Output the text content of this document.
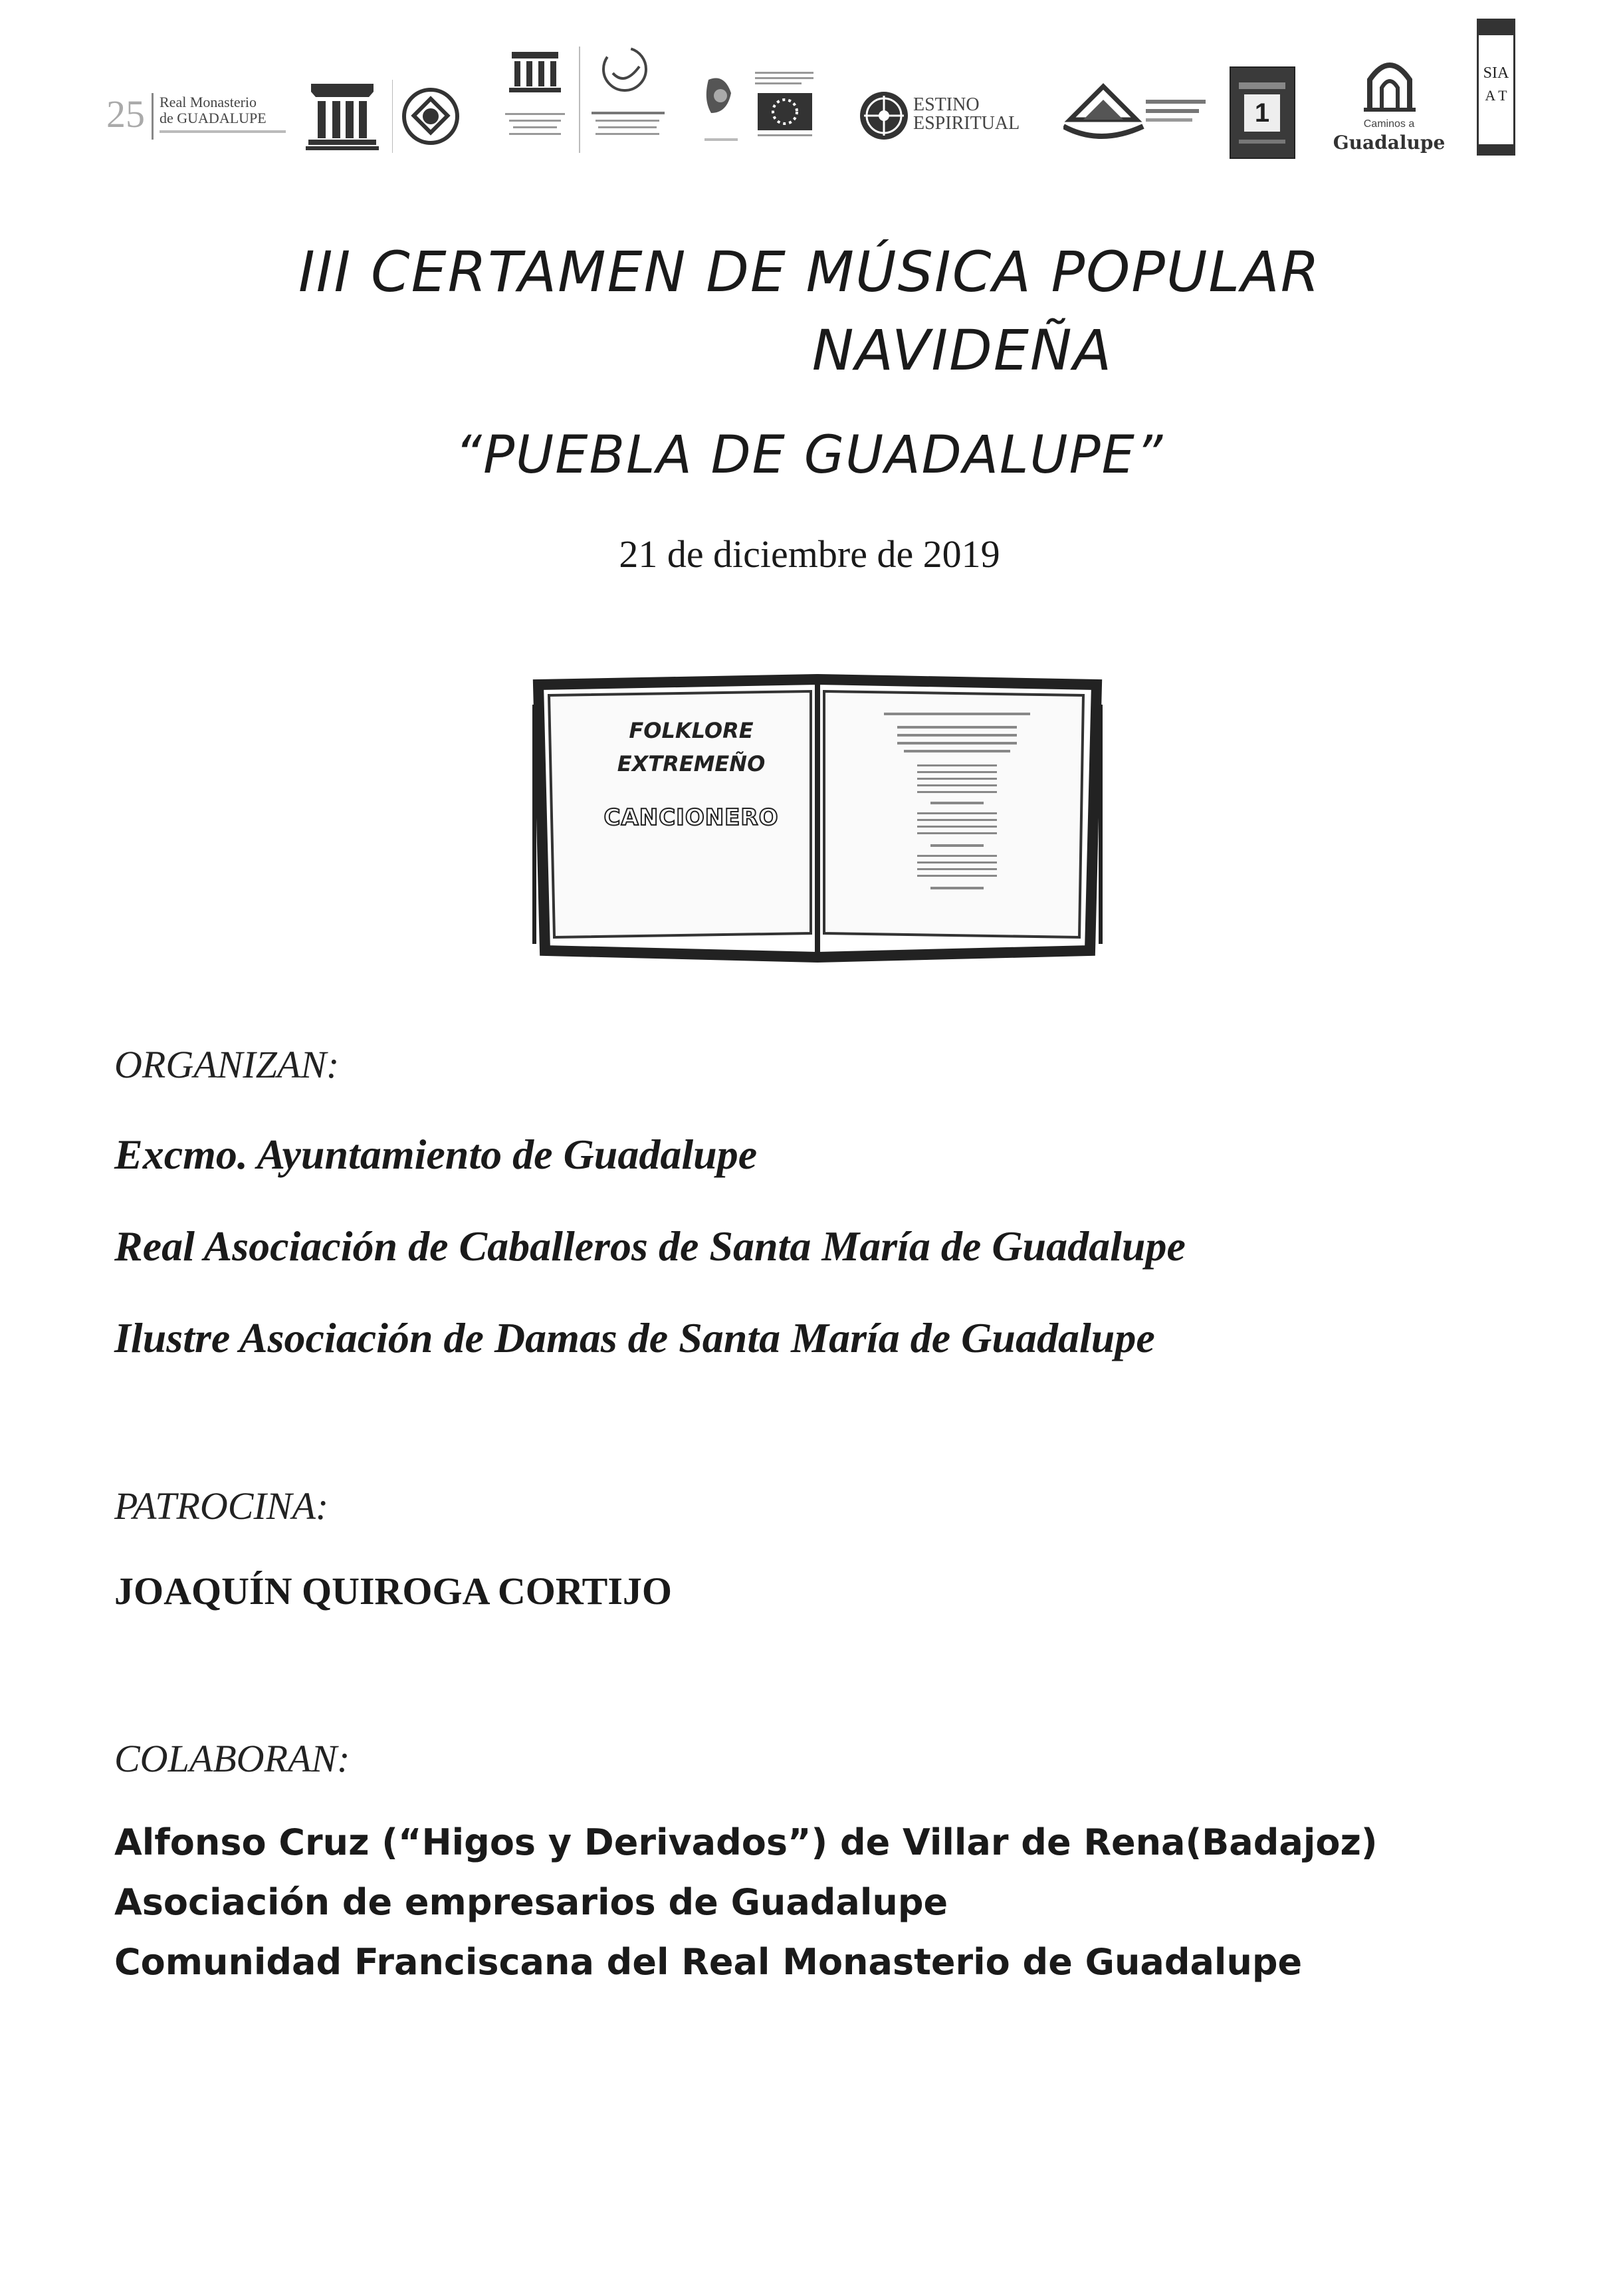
25 Real Monasterio
de GUADALUPE
ESTINO
ESPIRITUAL	1	Caminos a
Guadalupe
SIA
A T
III CERTAMEN DE MÚSICA POPULAR
NAVIDEÑA
“PUEBLA DE GUADALUPE”
21 de diciembre de 2019
FOLKLORE
EXTREMEÑO
CANCIONERO
ORGANIZAN:
Excmo. Ayuntamiento de Guadalupe
Real Asociación de Caballeros de Santa María de Guadalupe
Ilustre Asociación de Damas de Santa María de Guadalupe
PATROCINA:
JOAQUÍN QUIROGA CORTIJO
COLABORAN:
Alfonso Cruz (“Higos y Derivados”) de Villar de Rena(Badajoz)
Asociación de empresarios de Guadalupe
Comunidad Franciscana del Real Monasterio de Guadalupe
